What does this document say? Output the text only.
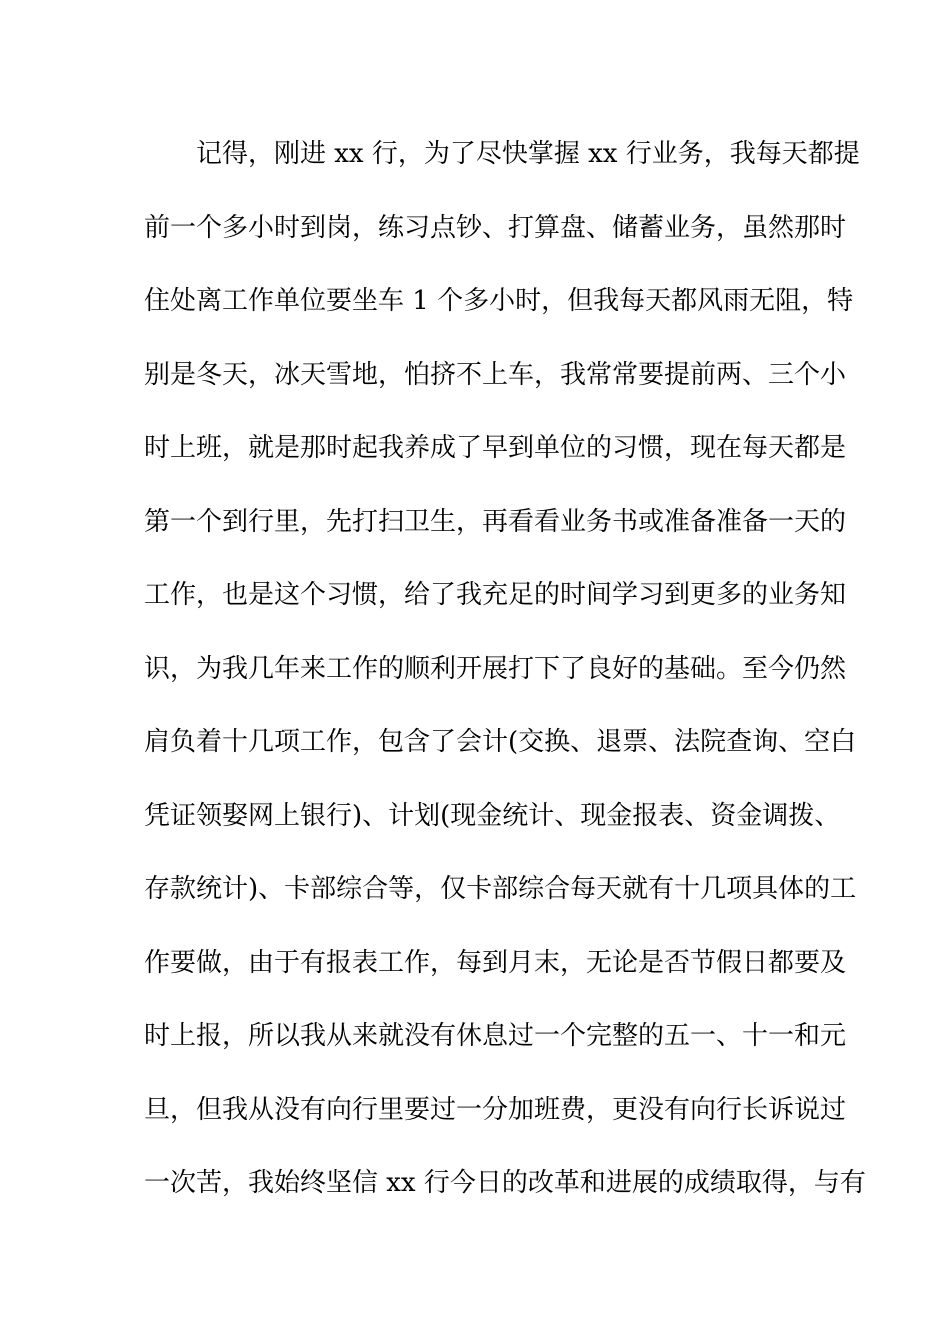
记得，刚进 xx 行，为了尽快掌握 xx 行业务，我每天都提
前一个多小时到岗，练习点钞、打算盘、储蓄业务，虽然那时
住处离工作单位要坐车 1 个多小时，但我每天都风雨无阻，特
别是冬天，冰天雪地，怕挤不上车，我常常要提前两、三个小
时上班，就是那时起我养成了早到单位的习惯，现在每天都是
第一个到行里，先打扫卫生，再看看业务书或准备准备一天的
工作，也是这个习惯，给了我充足的时间学习到更多的业务知
识，为我几年来工作的顺利开展打下了良好的基础。至今仍然
肩负着十几项工作，包含了会计(交换、退票、法院查询、空白
凭证领娶网上银行)、计划(现金统计、现金报表、资金调拨、
存款统计)、卡部综合等，仅卡部综合每天就有十几项具体的工
作要做，由于有报表工作，每到月末，无论是否节假日都要及
时上报，所以我从来就没有休息过一个完整的五一、十一和元
旦，但我从没有向行里要过一分加班费，更没有向行长诉说过
一次苦，我始终坚信 xx 行今日的改革和进展的成绩取得，与有
